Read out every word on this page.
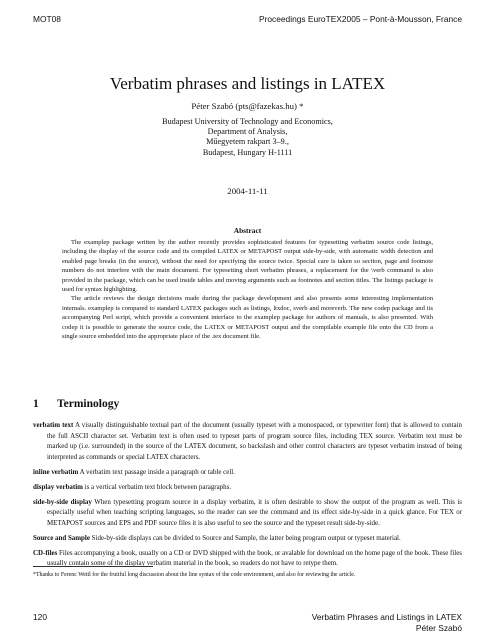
MOT08	Proceedings EuroTEX2005 – Pont-à-Mousson, France
Verbatim phrases and listings in LATEX
Péter Szabó (pts@fazekas.hu) *
Budapest University of Technology and Economics,
Department of Analysis,
Műegyetem rakpart 3–9.,
Budapest, Hungary H-1111
2004-11-11
Abstract

The examplep package written by the author recently provides sophisticated features for typesetting verbatim source code listings, including the display of the source code and its compiled LATEX or METAPOST output side-by-side, with automatic width detection and enabled page breaks (in the source), without the need for specifying the source twice. Special care is taken so section, page and footnote numbers do not interfere with the main document. For typesetting short verbatim phrases, a replacement for the \verb command is also provided in the package, which can be used inside tables and moving arguments such as footnotes and section titles. The listings package is used for syntax highlighting.

The article reviews the design decisions made during the package development and also presents some interesting implementation internals. examplep is compared to standard LATEX packages such as listings, ltxdoc, sverb and moreverb. The new codep package and its accompanying Perl script, which provide a convenient interface to the examplep package for authors of manuals, is also presented. With codep it is possible to generate the source code, the LATEX or METAPOST output and the compilable example file onto the CD from a single source embedded into the appropriate place of the .tex document file.

1 Terminology

verbatim text A visually distinguishable textual part of the document (usually typeset with a monospaced, or typewriter font) that is allowed to contain the full ASCII character set. Verbatim text is often used to typeset parts of program source files, including TEX source. Verbatim text must be marked up (i.e. surrounded) in the source of the LATEX document, so backslash and other control characters are typeset verbatim instead of being interpreted as commands or special LATEX characters.

inline verbatim A verbatim text passage inside a paragraph or table cell.

display verbatim is a vertical verbatim text block between paragraphs.

side-by-side display When typesetting program source in a display verbatim, it is often desirable to show the output of the program as well. This is especially useful when teaching scripting languages, so the reader can see the command and its effect side-by-side in a quick glance. For TEX or METAPOST sources and EPS and PDF source files it is also useful to see the source and the typeset result side-by-side.

Source and Sample Side-by-side displays can be divided to Source and Sample, the latter being program output or typeset material.

CD-files Files accompanying a book, usually on a CD or DVD shipped with the book, or avalable for download on the home page of the book. These files usually contain some of the display verbatim material in the book, so readers do not have to retype them.

*Thanks to Ferenc Wettl for the fruitful long discussion about the line syntax of the code environment, and also for reviewing the article.
120	Verbatim Phrases and Listings in LATEX
Péter Szabó
